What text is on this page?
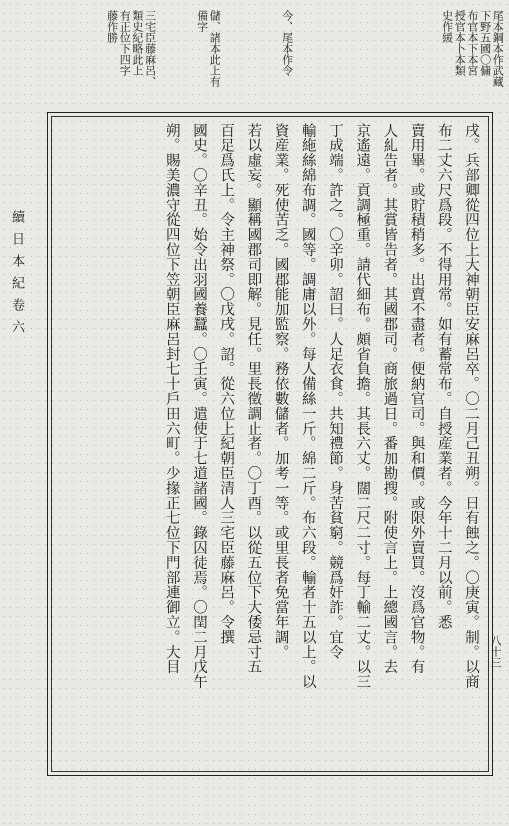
尾本鋼本作武藏
下野五國〇傭
布官本下本宮
授官本卜本類
史作緩
今、尾本作令
儲、諸本此上有
備字
三宅臣藤麻呂、
類史紀略此上
有正位下四字
藤作勝
續日本紀卷六
八十三
戌。兵部卿從四位上大神朝臣安麻呂卒。〇二月己丑朔。日有蝕之。〇庚寅。制。以商
布二丈六尺爲段。不得用常。如有蓄常布。自授産業者。今年十二月以前。悉
賣用畢。或貯積稍多。出賣不盡者。便納官司。與和價。或限外賣買。沒爲官物。有
人糺告者。其賞皆告者。其國郡司。商旅過日。番加勘搜。附使言上。上總國言。去
京遙遠。貢調極重。請代細布。頗省負擔。其長六丈。闊二尺二寸。每丁輸二丈。以三
丁成端。許之。〇辛卯。詔曰。人足衣食。共知禮節。身苦貧窮。競爲奸詐。宜令
輸絁絲綿布調。國等。調庸以外。每人備絲一斤。綿二斤。布六段。輸者十五以上。以
資産業。死使苦乏。國郡能加監察。務依數儲者。加考一等。或里長者免當年調。
若以虛妄。顯稱國郡司即解。見任。里長徵調止者。〇丁酉。以從五位下大倭忌寸五
百足爲氏上。令主神祭。〇戊戌。詔。從六位上紀朝臣清人三宅臣藤麻呂。令撰
國史。〇辛丑。始令出羽國養蠶。〇壬寅。遣使于七道諸國。錄囚徒焉。〇閏二月戊午
朔。賜美濃守從四位下笠朝臣麻呂封七十戶田六町。少掾正七位下門部連御立。大目
